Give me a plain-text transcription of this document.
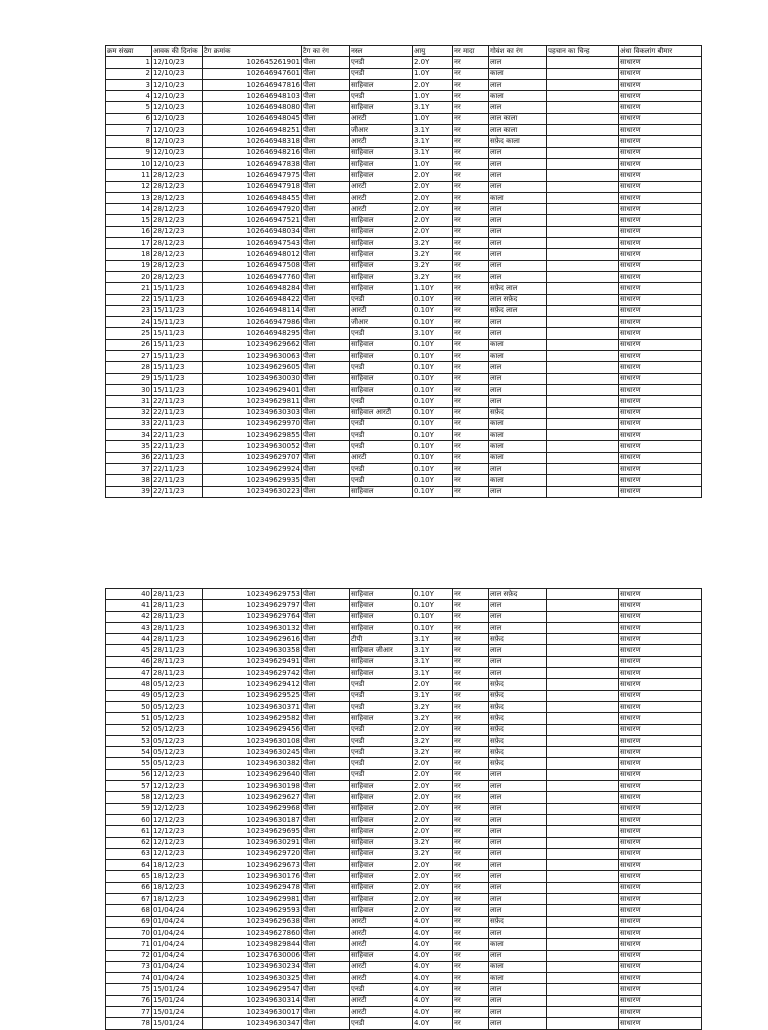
क्रम संख्या	आवक की दिनांक	टैग क्रमांक	टैग का रंग	नस्ल	आयु	नर मादा	गोवंश का रंग	पहचान का चिन्ह	अंधा विकलांग बीमार
1	12/10/23	102645261901	पीला	एनडी	2.0Y	नर	लाल		साधारण
2	12/10/23	102646947601	पीला	एनडी	1.0Y	नर	काला		साधारण
3	12/10/23	102646947816	पीला	साहिवाल	2.0Y	नर	लाल		साधारण
4	12/10/23	102646948103	पीला	एनडी	1.0Y	नर	काला		साधारण
5	12/10/23	102646948080	पीला	साहिवाल	3.1Y	नर	लाल		साधारण
6	12/10/23	102646948045	पीला	आरटी	1.0Y	नर	लाल काला		साधारण
7	12/10/23	102646948251	पीला	जीआर	3.1Y	नर	लाल काला		साधारण
8	12/10/23	102646948318	पीला	आरटी	3.1Y	नर	सफ़ेद काला		साधारण
9	12/10/23	102646948216	पीला	साहिवाल	3.1Y	नर	लाल		साधारण
10	12/10/23	102646947838	पीला	साहिवाल	1.0Y	नर	लाल		साधारण
11	28/12/23	102646947975	पीला	साहिवाल	2.0Y	नर	लाल		साधारण
12	28/12/23	102646947918	पीला	आरटी	2.0Y	नर	लाल		साधारण
13	28/12/23	102646948455	पीला	आरटी	2.0Y	नर	काला		साधारण
14	28/12/23	102646947920	पीला	आरटी	2.0Y	नर	लाल		साधारण
15	28/12/23	102646947521	पीला	साहिवाल	2.0Y	नर	लाल		साधारण
16	28/12/23	102646948034	पीला	साहिवाल	2.0Y	नर	लाल		साधारण
17	28/12/23	102646947543	पीला	साहिवाल	3.2Y	नर	लाल		साधारण
18	28/12/23	102646948012	पीला	साहिवाल	3.2Y	नर	लाल		साधारण
19	28/12/23	102646947508	पीला	साहिवाल	3.2Y	नर	लाल		साधारण
20	28/12/23	102646947760	पीला	साहिवाल	3.2Y	नर	लाल		साधारण
21	15/11/23	102646948284	पीला	साहिवाल	1.10Y	नर	सफ़ेद लाल		साधारण
22	15/11/23	102646948422	पीला	एनडी	0.10Y	नर	लाल सफ़ेद		साधारण
23	15/11/23	102646948114	पीला	आरटी	0.10Y	नर	सफ़ेद लाल		साधारण
24	15/11/23	102646947986	पीला	जीआर	0.10Y	नर	लाल		साधारण
25	15/11/23	102646948295	पीला	एनडी	3.10Y	नर	लाल		साधारण
26	15/11/23	102349629662	पीला	साहिवाल	0.10Y	नर	काला		साधारण
27	15/11/23	102349630063	पीला	साहिवाल	0.10Y	नर	काला		साधारण
28	15/11/23	102349629605	पीला	एनडी	0.10Y	नर	लाल		साधारण
29	15/11/23	102349630030	पीला	साहिवाल	0.10Y	नर	लाल		साधारण
30	15/11/23	102349629401	पीला	साहिवाल	0.10Y	नर	लाल		साधारण
31	22/11/23	102349629811	पीला	एनडी	0.10Y	नर	लाल		साधारण
32	22/11/23	102349630303	पीला	साहिवाल आरटी	0.10Y	नर	सफ़ेद		साधारण
33	22/11/23	102349629970	पीला	एनडी	0.10Y	नर	काला		साधारण
34	22/11/23	102349629855	पीला	एनडी	0.10Y	नर	काला		साधारण
35	22/11/23	102349630052	पीला	एनडी	0.10Y	नर	काला		साधारण
36	22/11/23	102349629707	पीला	आरटी	0.10Y	नर	काला		साधारण
37	22/11/23	102349629924	पीला	एनडी	0.10Y	नर	लाल		साधारण
38	22/11/23	102349629935	पीला	एनडी	0.10Y	नर	काला		साधारण
39	22/11/23	102349630223	पीला	साहिवाल	0.10Y	नर	लाल		साधारण
40	28/11/23	102349629753	पीला	साहिवाल	0.10Y	नर	लाल सफ़ेद		साधारण
41	28/11/23	102349629797	पीला	साहिवाल	0.10Y	नर	लाल		साधारण
42	28/11/23	102349629764	पीला	साहिवाल	0.10Y	नर	लाल		साधारण
43	28/11/23	102349630132	पीला	साहिवाल	0.10Y	नर	लाल		साधारण
44	28/11/23	102349629616	पीला	टीपी	3.1Y	नर	सफ़ेद		साधारण
45	28/11/23	102349630358	पीला	साहिवाल जीआर	3.1Y	नर	लाल		साधारण
46	28/11/23	102349629491	पीला	साहिवाल	3.1Y	नर	लाल		साधारण
47	28/11/23	102349629742	पीला	साहिवाल	3.1Y	नर	लाल		साधारण
48	05/12/23	102349629412	पीला	एनडी	2.0Y	नर	सफ़ेद		साधारण
49	05/12/23	102349629525	पीला	एनडी	3.1Y	नर	सफ़ेद		साधारण
50	05/12/23	102349630371	पीला	एनडी	3.2Y	नर	सफ़ेद		साधारण
51	05/12/23	102349629582	पीला	साहिवाल	3.2Y	नर	सफ़ेद		साधारण
52	05/12/23	102349629456	पीला	एनडी	2.0Y	नर	सफ़ेद		साधारण
53	05/12/23	102349630108	पीला	एनडी	3.2Y	नर	सफ़ेद		साधारण
54	05/12/23	102349630245	पीला	एनडी	3.2Y	नर	सफ़ेद		साधारण
55	05/12/23	102349630382	पीला	एनडी	2.0Y	नर	सफ़ेद		साधारण
56	12/12/23	102349629640	पीला	एनडी	2.0Y	नर	लाल		साधारण
57	12/12/23	102349630198	पीला	साहिवाल	2.0Y	नर	लाल		साधारण
58	12/12/23	102349629627	पीला	साहिवाल	2.0Y	नर	लाल		साधारण
59	12/12/23	102349629968	पीला	साहिवाल	2.0Y	नर	लाल		साधारण
60	12/12/23	102349630187	पीला	साहिवाल	2.0Y	नर	लाल		साधारण
61	12/12/23	102349629695	पीला	साहिवाल	2.0Y	नर	लाल		साधारण
62	12/12/23	102349630291	पीला	साहिवाल	3.2Y	नर	लाल		साधारण
63	12/12/23	102349629720	पीला	साहिवाल	3.2Y	नर	लाल		साधारण
64	18/12/23	102349629673	पीला	साहिवाल	2.0Y	नर	लाल		साधारण
65	18/12/23	102349630176	पीला	साहिवाल	2.0Y	नर	लाल		साधारण
66	18/12/23	102349629478	पीला	साहिवाल	2.0Y	नर	लाल		साधारण
67	18/12/23	102349629981	पीला	साहिवाल	2.0Y	नर	लाल		साधारण
68	01/04/24	102349629593	पीला	साहिवाल	2.0Y	नर	लाल		साधारण
69	01/04/24	102349629638	पीला	आरटी	4.0Y	नर	सफ़ेद		साधारण
70	01/04/24	102349627860	पीला	आरटी	4.0Y	नर	लाल		साधारण
71	01/04/24	102349829844	पीला	आरटी	4.0Y	नर	काला		साधारण
72	01/04/24	102347630006	पीला	साहिवाल	4.0Y	नर	लाल		साधारण
73	01/04/24	102349630234	पीला	आरटी	4.0Y	नर	काला		साधारण
74	01/04/24	102349630325	पीला	आरटी	4.0Y	नर	काला		साधारण
75	15/01/24	102349629547	पीला	एनडी	4.0Y	नर	लाल		साधारण
76	15/01/24	102349630314	पीला	आरटी	4.0Y	नर	लाल		साधारण
77	15/01/24	102349630017	पीला	आरटी	4.0Y	नर	लाल		साधारण
78	15/01/24	102349630347	पीला	एनडी	4.0Y	नर	लाल		साधारण
